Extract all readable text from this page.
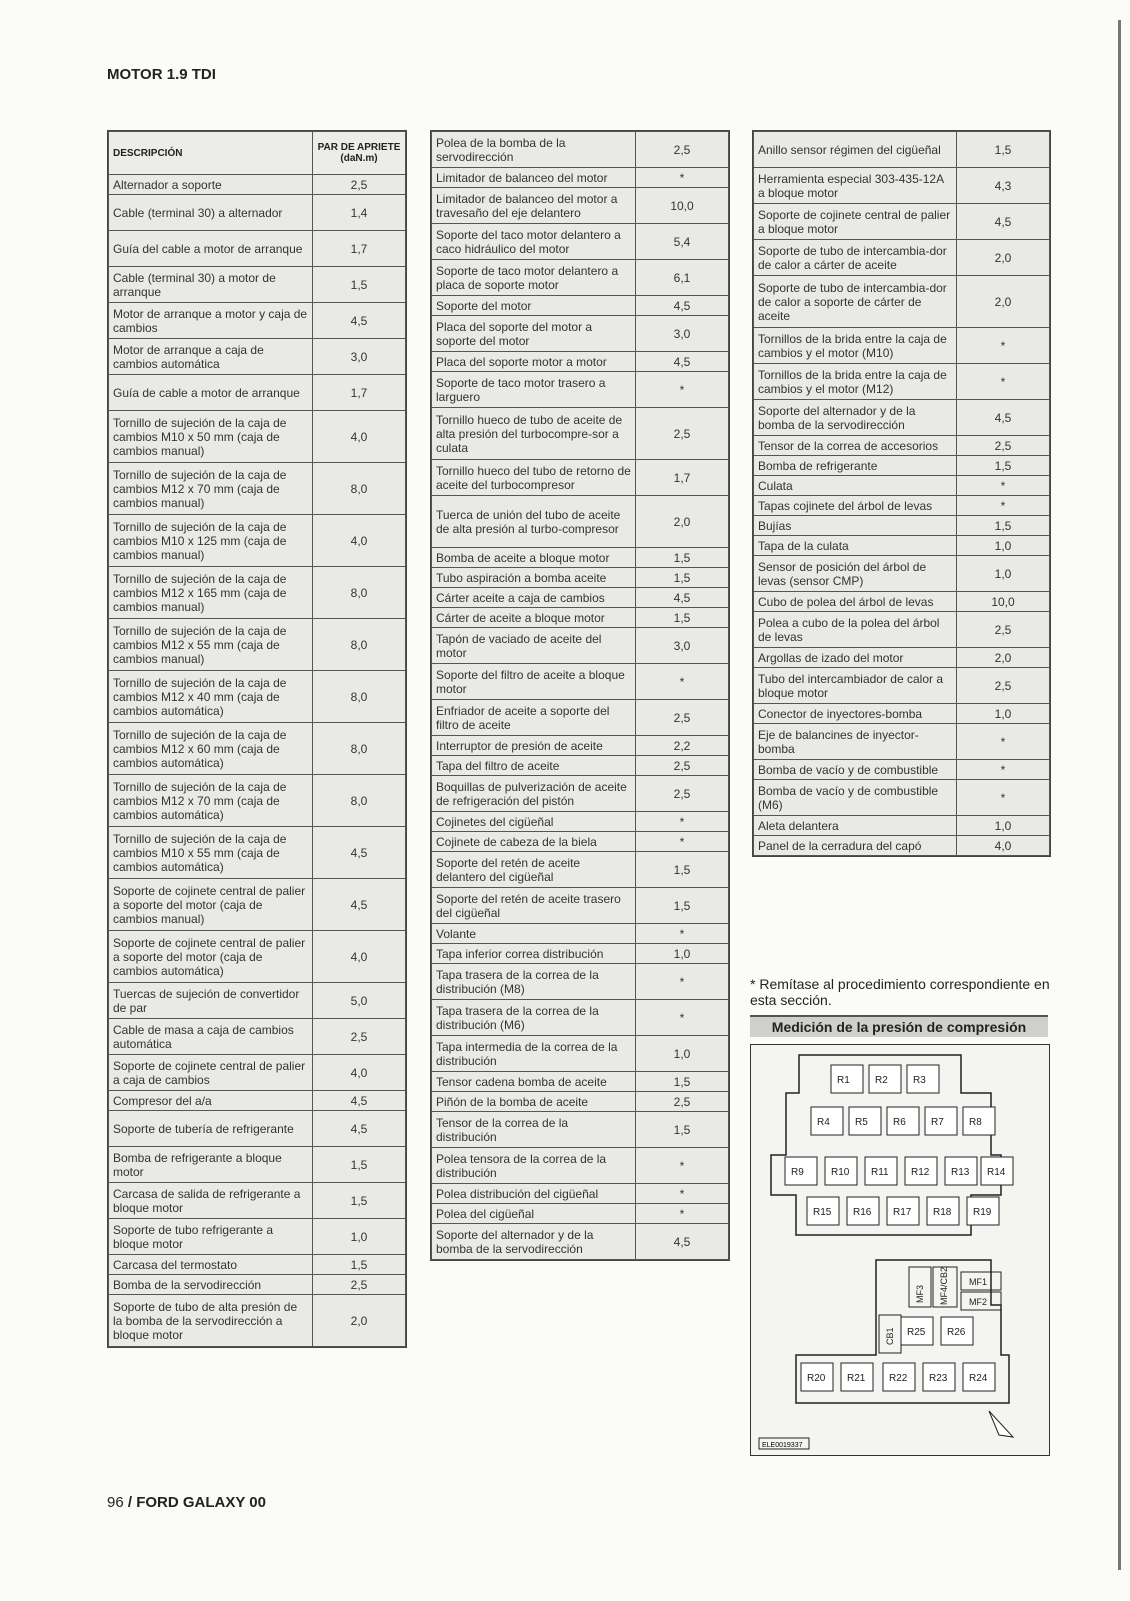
MOTOR 1.9 TDI
DESCRIPCIÓN	PAR DE APRIETE (daN.m)
Alternador a soporte	2,5
Cable (terminal 30) a alternador	1,4
Guía del cable a motor de arranque	1,7
Cable (terminal 30) a motor de arranque	1,5
Motor de arranque a motor y caja de cambios	4,5
Motor de arranque a caja de cambios automática	3,0
Guía de cable a motor de arranque	1,7
Tornillo de sujeción de la caja de cambios M10 x 50 mm (caja de cambios manual)	4,0
Tornillo de sujeción de la caja de cambios M12 x 70 mm (caja de cambios manual)	8,0
Tornillo de sujeción de la caja de cambios M10 x 125 mm (caja de cambios manual)	4,0
Tornillo de sujeción de la caja de cambios M12 x 165 mm (caja de cambios manual)	8,0
Tornillo de sujeción de la caja de cambios M12 x 55 mm (caja de cambios manual)	8,0
Tornillo de sujeción de la caja de cambios M12 x 40 mm (caja de cambios automática)	8,0
Tornillo de sujeción de la caja de cambios M12 x 60 mm (caja de cambios automática)	8,0
Tornillo de sujeción de la caja de cambios M12 x 70 mm (caja de cambios automática)	8,0
Tornillo de sujeción de la caja de cambios M10 x 55 mm (caja de cambios automática)	4,5
Soporte de cojinete central de palier a soporte del motor (caja de cambios manual)	4,5
Soporte de cojinete central de palier a soporte del motor (caja de cambios automática)	4,0
Tuercas de sujeción de convertidor de par	5,0
Cable de masa a caja de cambios automática	2,5
Soporte de cojinete central de palier a caja de cambios	4,0
Compresor del a/a	4,5
Soporte de tubería de refrigerante	4,5
Bomba de refrigerante a bloque motor	1,5
Carcasa de salida de refrigerante a bloque motor	1,5
Soporte de tubo refrigerante a bloque motor	1,0
Carcasa del termostato	1,5
Bomba de la servodirección	2,5
Soporte de tubo de alta presión de la bomba de la servodirección a bloque motor	2,0
Polea de la bomba de la servodirección	2,5
Limitador de balanceo del motor	*
Limitador de balanceo del motor a travesaño del eje delantero	10,0
Soporte del taco motor delantero a caco hidráulico del motor	5,4
Soporte de taco motor delantero a placa de soporte motor	6,1
Soporte del motor	4,5
Placa del soporte del motor a soporte del motor	3,0
Placa del soporte motor a motor	4,5
Soporte de taco motor trasero a larguero	*
Tornillo hueco de tubo de aceite de alta presión del turbocompre-sor a culata	2,5
Tornillo hueco del tubo de retorno de aceite del turbocompresor	1,7
Tuerca de unión del tubo de aceite de alta presión al turbo-compresor	2,0
Bomba de aceite a bloque motor	1,5
Tubo aspiración a bomba aceite	1,5
Cárter aceite a caja de cambios	4,5
Cárter de aceite a bloque motor	1,5
Tapón de vaciado de aceite del motor	3,0
Soporte del filtro de aceite a bloque motor	*
Enfriador de aceite a soporte del filtro de aceite	2,5
Interruptor de presión de aceite	2,2
Tapa del filtro de aceite	2,5
Boquillas de pulverización de aceite de refrigeración del pistón	2,5
Cojinetes del cigüeñal	*
Cojinete de cabeza de la biela	*
Soporte del retén de aceite delantero del cigüeñal	1,5
Soporte del retén de aceite trasero del cigüeñal	1,5
Volante	*
Tapa inferior correa distribución	1,0
Tapa trasera de la correa de la distribución (M8)	*
Tapa trasera de la correa de la distribución (M6)	*
Tapa intermedia de la correa de la distribución	1,0
Tensor cadena bomba de aceite	1,5
Piñón de la bomba de aceite	2,5
Tensor de la correa de la distribución	1,5
Polea tensora de la correa de la distribución	*
Polea distribución del cigüeñal	*
Polea del cigüeñal	*
Soporte del alternador y de la bomba de la servodirección	4,5
Anillo sensor régimen del cigüeñal	1,5
Herramienta especial 303-435-12A a bloque motor	4,3
Soporte de cojinete central de palier a bloque motor	4,5
Soporte de tubo de intercambia-dor de calor a cárter de aceite	2,0
Soporte de tubo de intercambia-dor de calor a soporte de cárter de aceite	2,0
Tornillos de la brida entre la caja de cambios y el motor (M10)	*
Tornillos de la brida entre la caja de cambios y el motor (M12)	*
Soporte del alternador y de la bomba de la servodirección	4,5
Tensor de la correa de accesorios	2,5
Bomba de refrigerante	1,5
Culata	*
Tapas cojinete del árbol de levas	*
Bujías	1,5
Tapa de la culata	1,0
Sensor de posición del árbol de levas (sensor CMP)	1,0
Cubo de polea del árbol de levas	10,0
Polea a cubo de la polea del árbol de levas	2,5
Argollas de izado del motor	2,0
Tubo del intercambiador de calor a bloque motor	2,5
Conector de inyectores-bomba	1,0
Eje de balancines de inyector-bomba	*
Bomba de vacío y de combustible	*
Bomba de vacío y de combustible (M6)	*
Aleta delantera	1,0
Panel de la cerradura del capó	4,0
* Remítase al procedimiento correspondiente en esta sección.
Medición de la presión de compresión
R1	R2	R3
R4	R5	R6	R7	R8
R9	R10 R11 R12 R13 R14
R15 R16 R17 R18 R19
R20 R21 R22 R23 R24
R25 R26
MF3 MF4/CB2 MF1
MF2
CB1
ELE0019337
96 / FORD GALAXY 00
